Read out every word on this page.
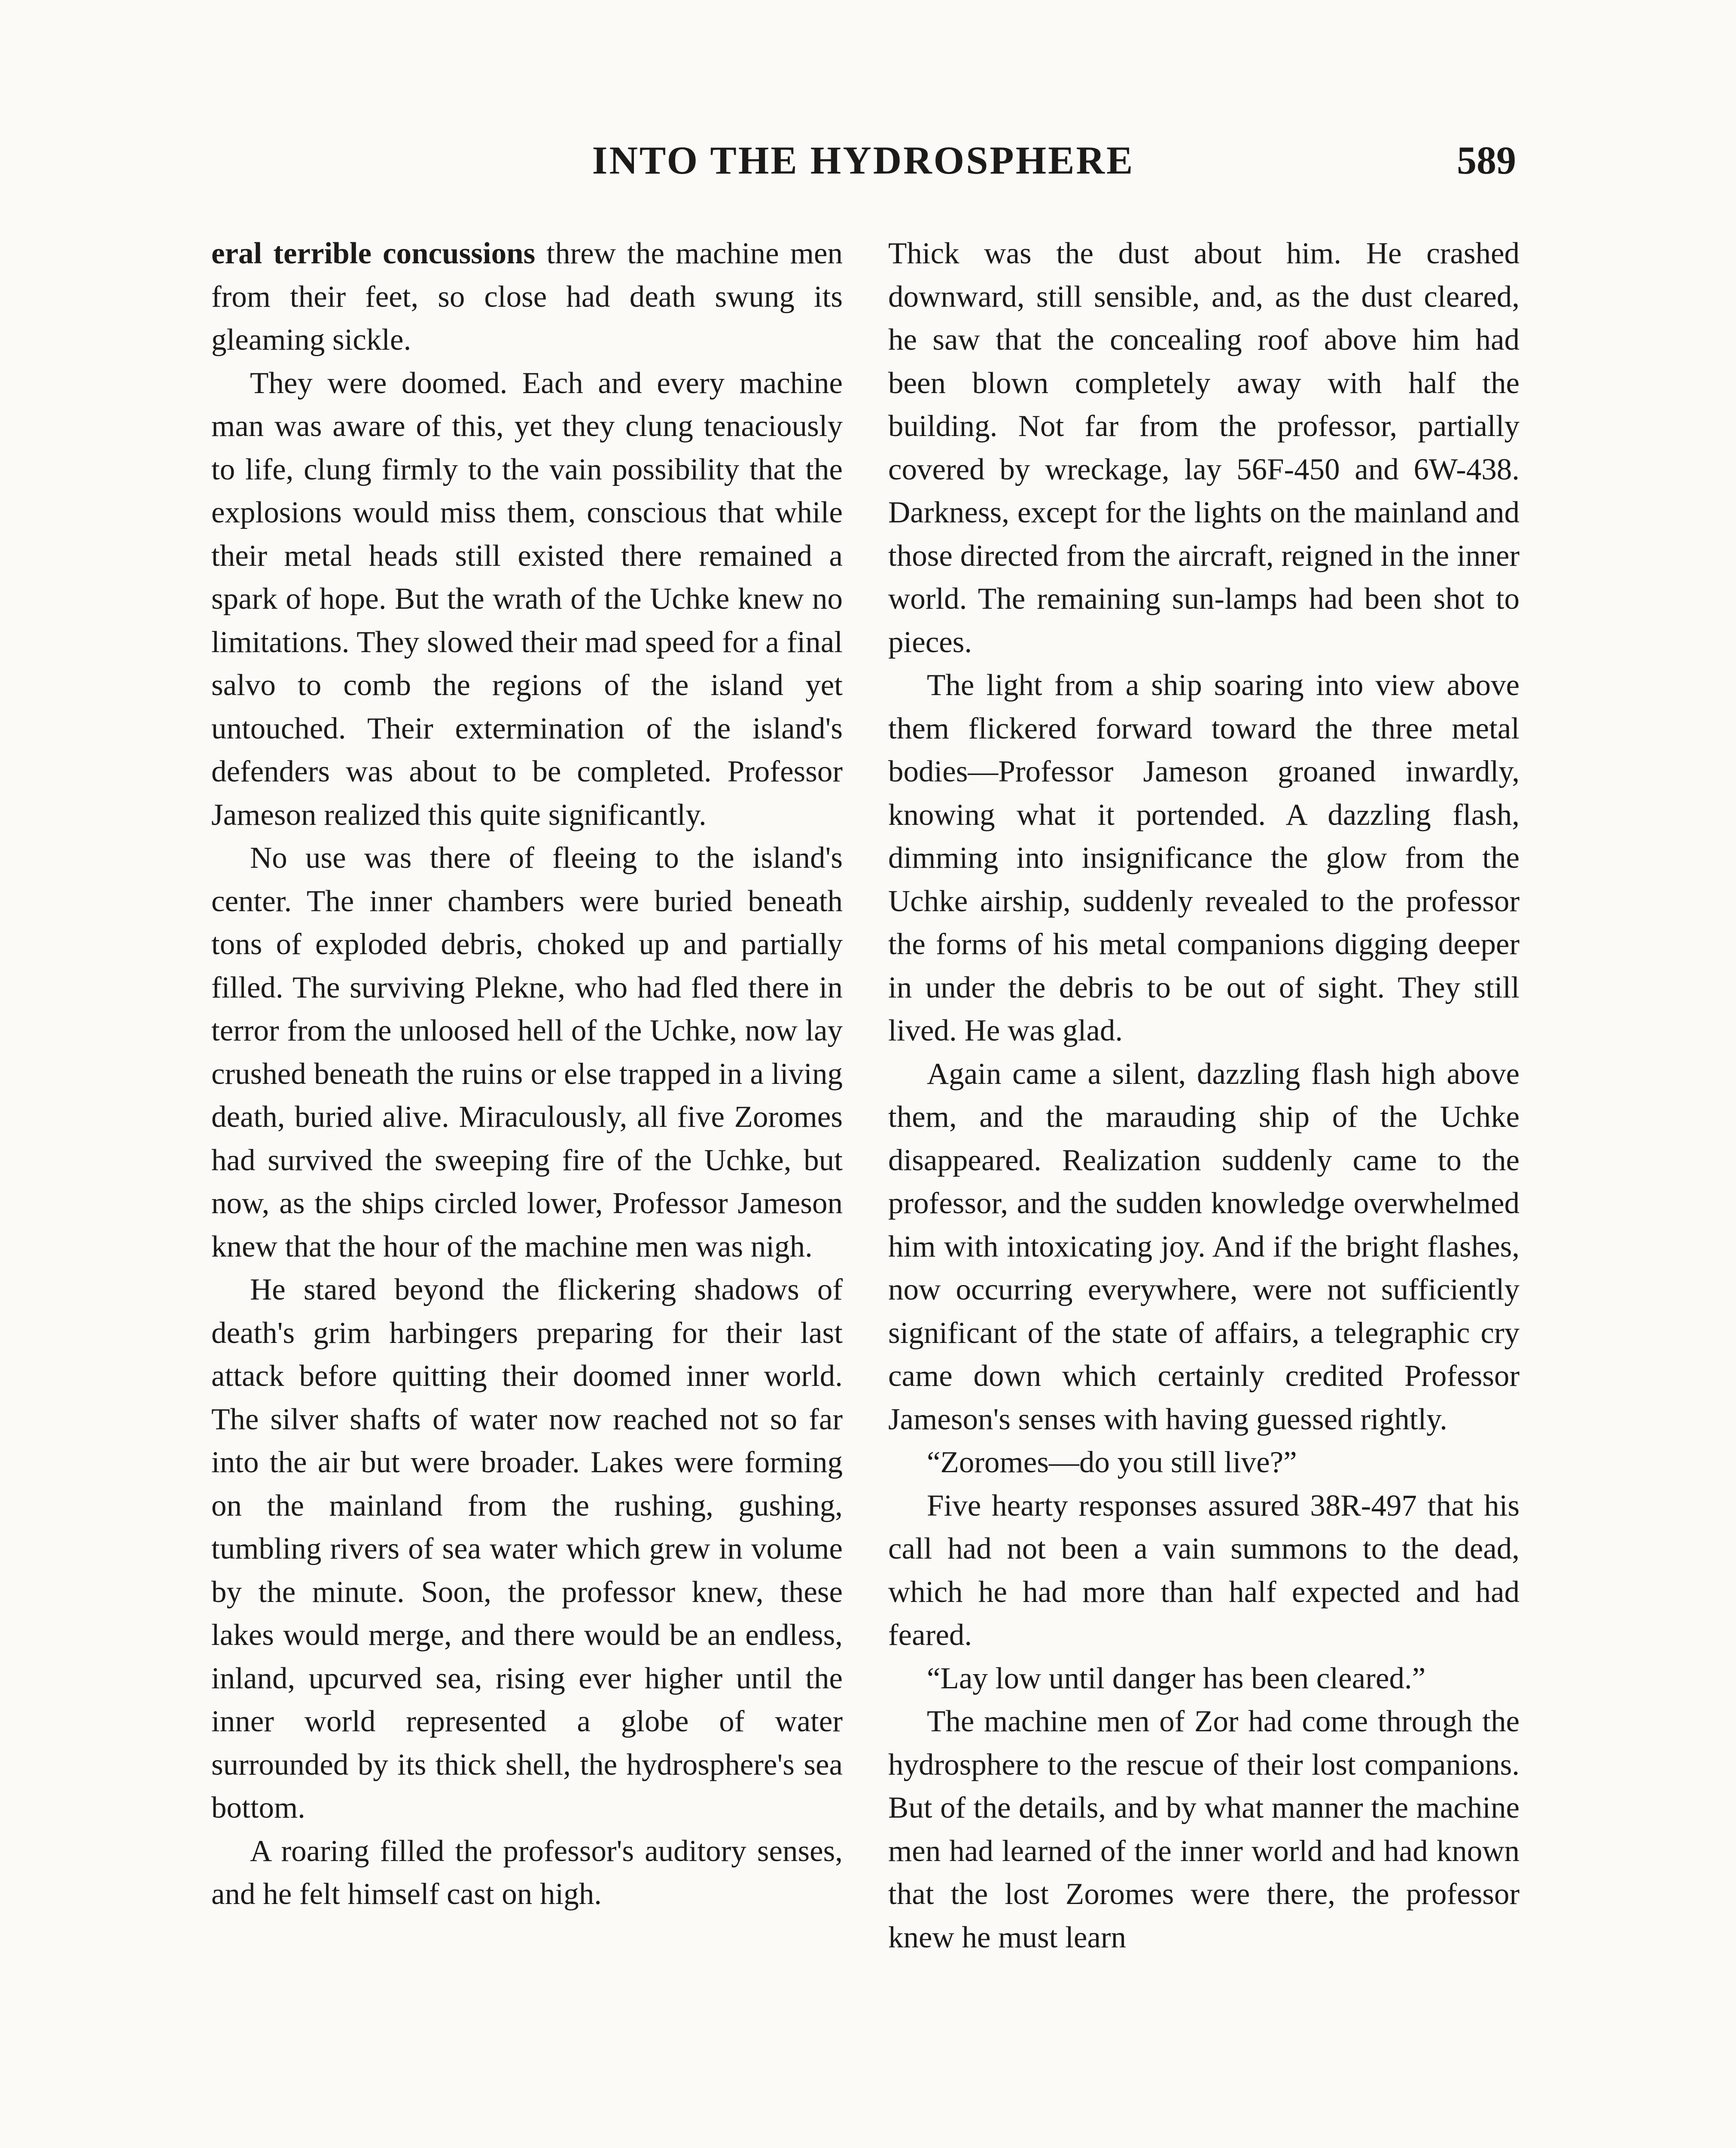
INTO THE HYDROSPHERE	589

eral terrible concussions threw the machine men from their feet, so close had death swung its gleaming sickle.

They were doomed. Each and every machine man was aware of this, yet they clung tenaciously to life, clung firmly to the vain possibility that the explosions would miss them, conscious that while their metal heads still existed there remained a spark of hope. But the wrath of the Uchke knew no limitations. They slowed their mad speed for a final salvo to comb the regions of the island yet untouched. Their extermination of the island's defenders was about to be completed. Professor Jameson realized this quite significantly.

No use was there of fleeing to the island's center. The inner chambers were buried beneath tons of exploded debris, choked up and partially filled. The surviving Plekne, who had fled there in terror from the unloosed hell of the Uchke, now lay crushed beneath the ruins or else trapped in a living death, buried alive. Miraculously, all five Zoromes had survived the sweeping fire of the Uchke, but now, as the ships circled lower, Professor Jameson knew that the hour of the machine men was nigh.

He stared beyond the flickering shadows of death's grim harbingers preparing for their last attack before quitting their doomed inner world. The silver shafts of water now reached not so far into the air but were broader. Lakes were forming on the mainland from the rushing, gushing, tumbling rivers of sea water which grew in volume by the minute. Soon, the professor knew, these lakes would merge, and there would be an endless, inland, upcurved sea, rising ever higher until the inner world represented a globe of water surrounded by its thick shell, the hydrosphere's sea bottom.

A roaring filled the professor's auditory senses, and he felt himself cast on high.

Thick was the dust about him. He crashed downward, still sensible, and, as the dust cleared, he saw that the concealing roof above him had been blown completely away with half the building. Not far from the professor, partially covered by wreckage, lay 56F-450 and 6W-438. Darkness, except for the lights on the mainland and those directed from the aircraft, reigned in the inner world. The remaining sun-lamps had been shot to pieces.

The light from a ship soaring into view above them flickered forward toward the three metal bodies—Professor Jameson groaned inwardly, knowing what it portended. A dazzling flash, dimming into insignificance the glow from the Uchke airship, suddenly revealed to the professor the forms of his metal companions digging deeper in under the debris to be out of sight. They still lived. He was glad.

Again came a silent, dazzling flash high above them, and the marauding ship of the Uchke disappeared. Realization suddenly came to the professor, and the sudden knowledge overwhelmed him with intoxicating joy. And if the bright flashes, now occurring everywhere, were not sufficiently significant of the state of affairs, a telegraphic cry came down which certainly credited Professor Jameson's senses with having guessed rightly.

“Zoromes—do you still live?”

Five hearty responses assured 38R-497 that his call had not been a vain summons to the dead, which he had more than half expected and had feared.

“Lay low until danger has been cleared.”

The machine men of Zor had come through the hydrosphere to the rescue of their lost companions. But of the details, and by what manner the machine men had learned of the inner world and had known that the lost Zoromes were there, the professor knew he must learn
